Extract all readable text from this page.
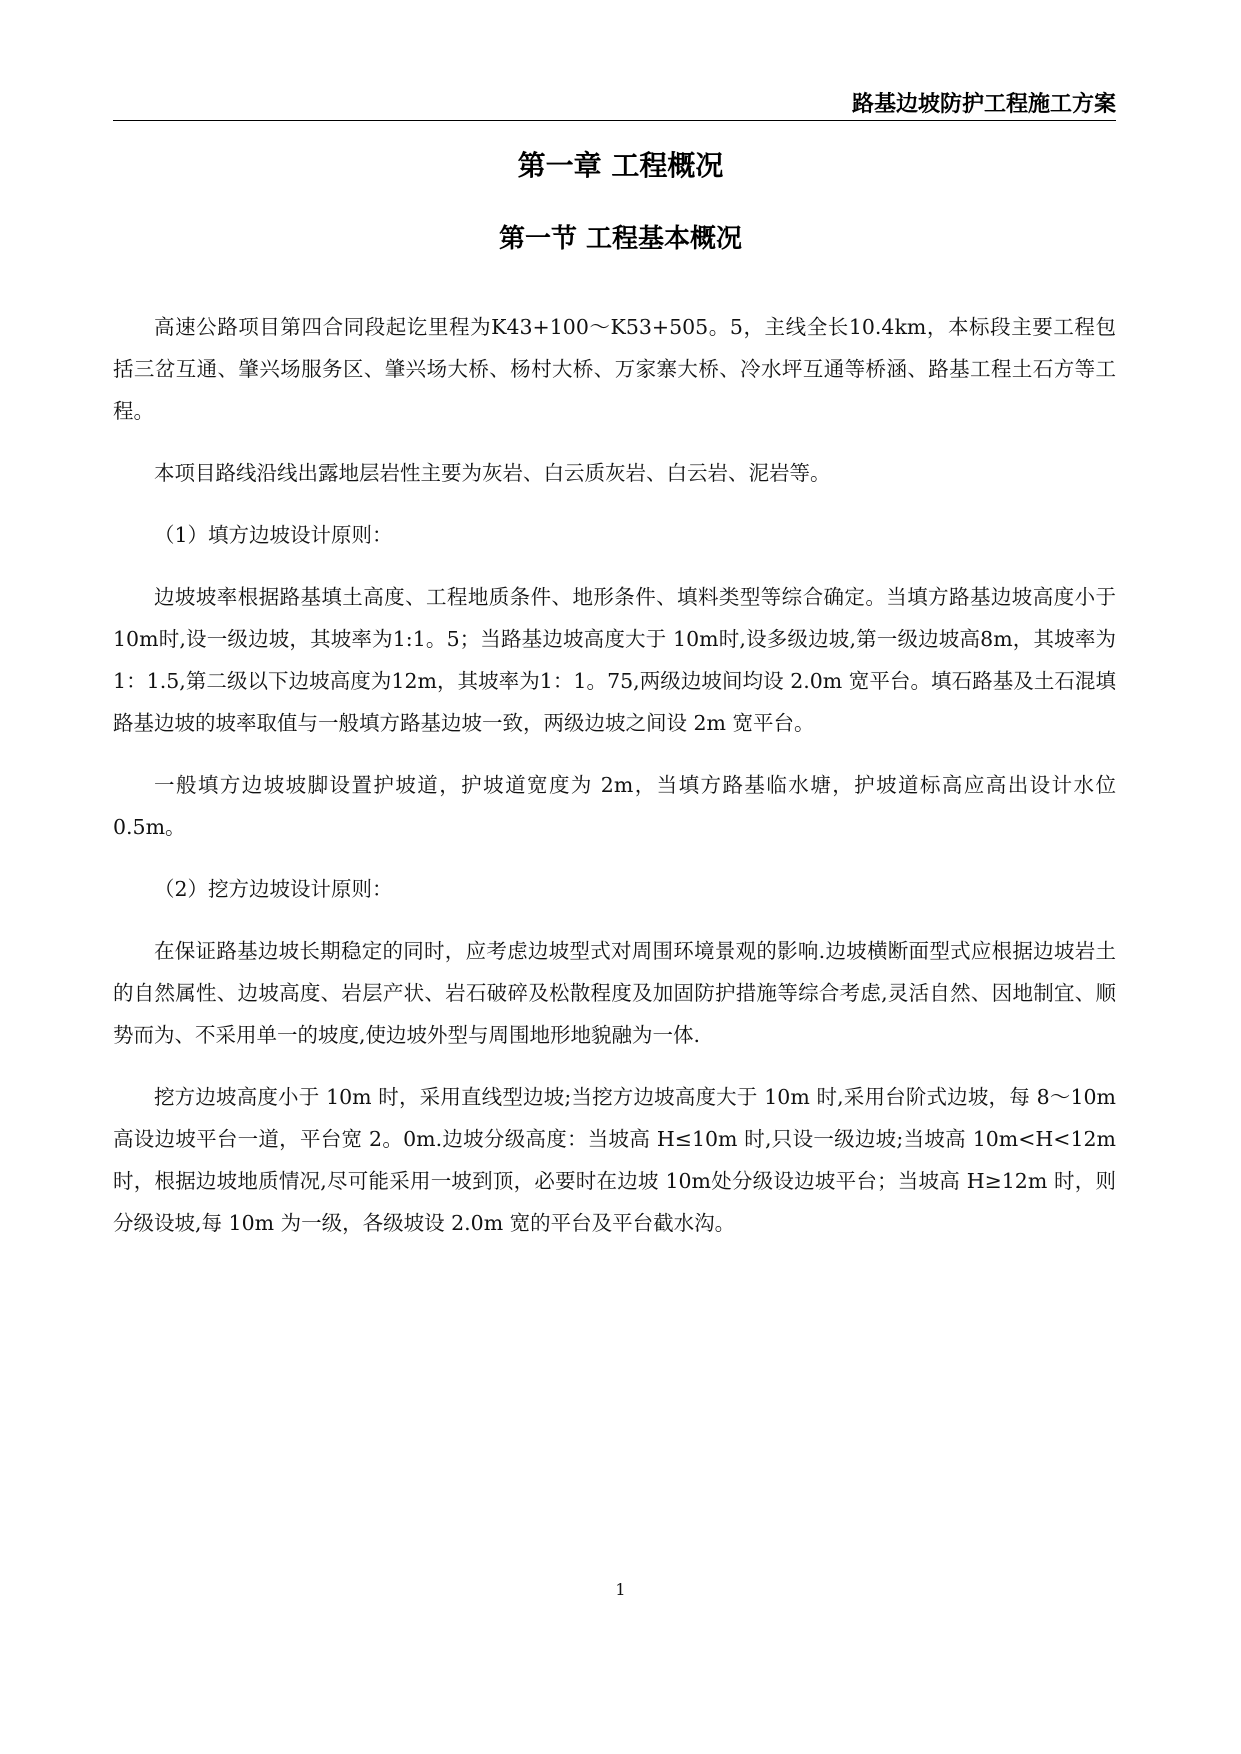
路基边坡防护工程施工方案
第一章 工程概况
第一节 工程基本概况

高速公路项目第四合同段起讫里程为K43+100～K53+505。5，主线全长10.4km，本标段主要工程包括三岔互通、肇兴场服务区、肇兴场大桥、杨村大桥、万家寨大桥、冷水坪互通等桥涵、路基工程土石方等工程。

本项目路线沿线出露地层岩性主要为灰岩、白云质灰岩、白云岩、泥岩等。

（1）填方边坡设计原则：

边坡坡率根据路基填土高度、工程地质条件、地形条件、填料类型等综合确定。当填方路基边坡高度小于 10m时,设一级边坡，其坡率为1:1。5；当路基边坡高度大于 10m时,设多级边坡,第一级边坡高8m，其坡率为1：1.5,第二级以下边坡高度为12m，其坡率为1：1。75,两级边坡间均设 2.0m 宽平台。填石路基及土石混填路基边坡的坡率取值与一般填方路基边坡一致，两级边坡之间设 2m 宽平台。

一般填方边坡坡脚设置护坡道，护坡道宽度为 2m，当填方路基临水塘，护坡道标高应高出设计水位 0.5m。

（2）挖方边坡设计原则：

在保证路基边坡长期稳定的同时，应考虑边坡型式对周围环境景观的影响.边坡横断面型式应根据边坡岩土的自然属性、边坡高度、岩层产状、岩石破碎及松散程度及加固防护措施等综合考虑,灵活自然、因地制宜、顺势而为、不采用单一的坡度,使边坡外型与周围地形地貌融为一体.

挖方边坡高度小于 10m 时，采用直线型边坡;当挖方边坡高度大于 10m 时,采用台阶式边坡，每 8～10m 高设边坡平台一道，平台宽 2。0m.边坡分级高度：当坡高 H≤10m 时,只设一级边坡;当坡高 10m<H<12m 时，根据边坡地质情况,尽可能采用一坡到顶，必要时在边坡 10m处分级设边坡平台；当坡高 H≥12m 时，则分级设坡,每 10m 为一级，各级坡设 2.0m 宽的平台及平台截水沟。

1
